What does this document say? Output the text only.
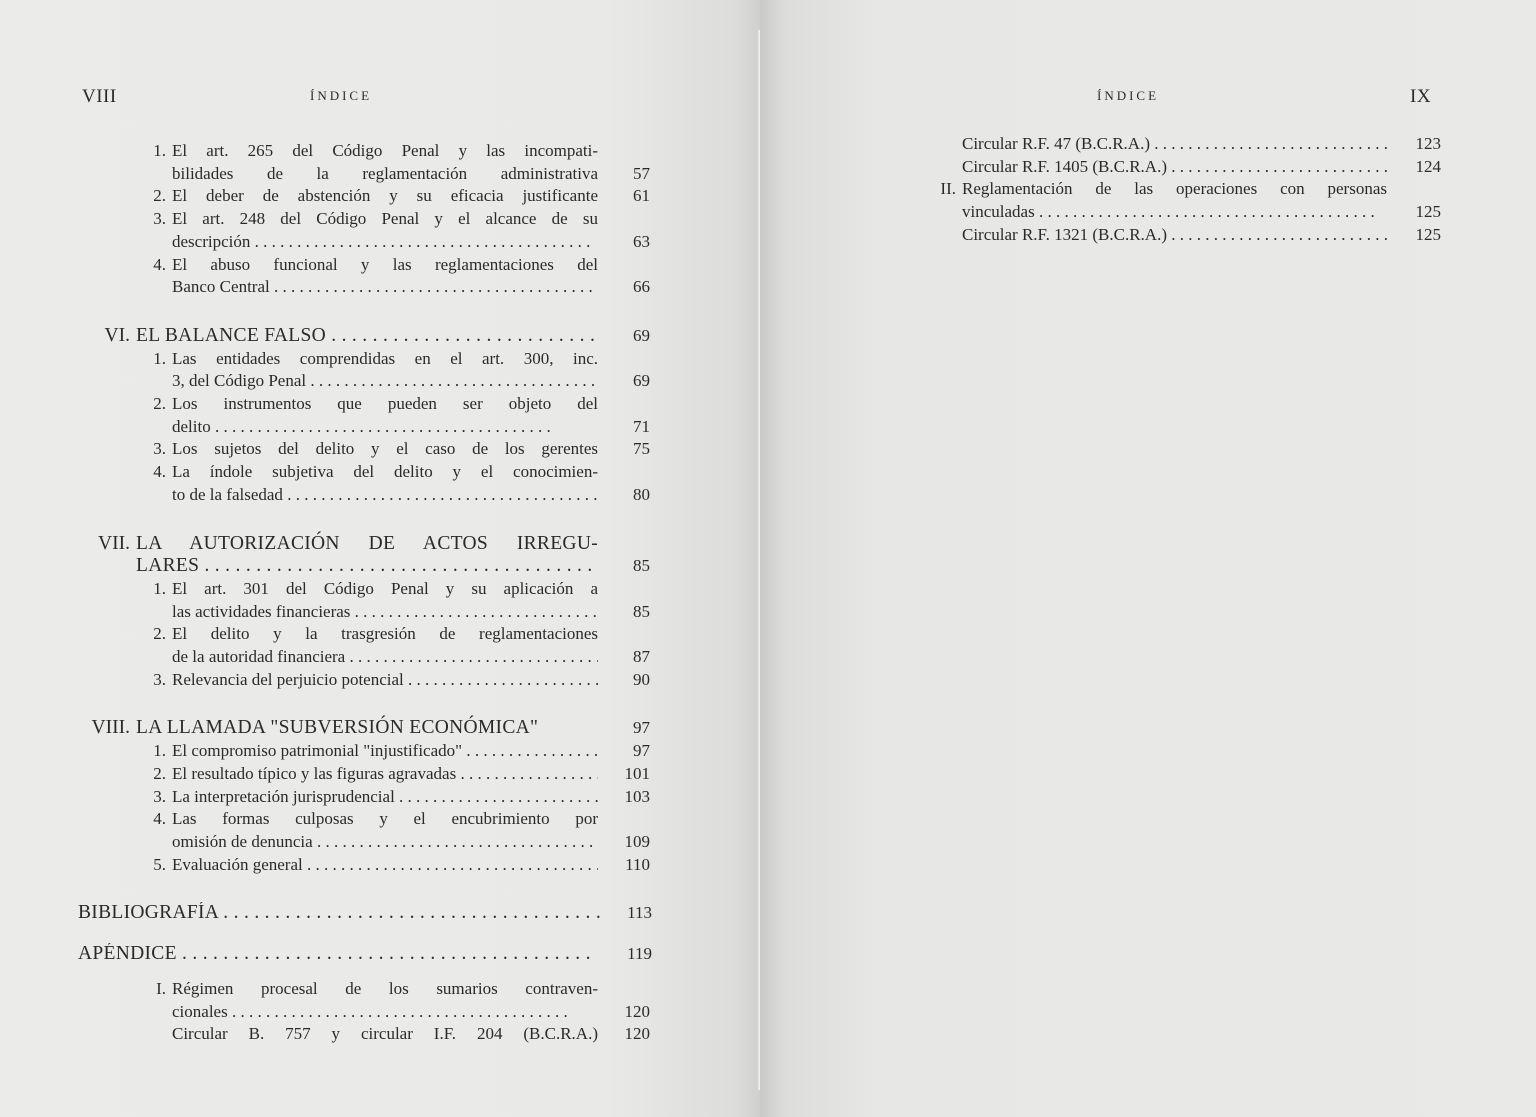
VIII	ÍNDICE
1. El art. 265 del Código Penal y las incompati-
bilidades de la reglamentación administrativa	57
2. El deber de abstención y su eficacia justificante	61
3. El art. 248 del Código Penal y el alcance de su
descripción . . .	63
4. El abuso funcional y las reglamentaciones del
Banco Central . . .	66
VI. EL BALANCE FALSO . . .	69
1. Las entidades comprendidas en el art. 300, inc.
3, del Código Penal . . .	69
2. Los instrumentos que pueden ser objeto del
delito . . .	71
3. Los sujetos del delito y el caso de los gerentes	75
4. La índole subjetiva del delito y el conocimien-
to de la falsedad . . .	80
VII. LA AUTORIZACIÓN DE ACTOS IRREGU-
LARES . . .	85
1. El art. 301 del Código Penal y su aplicación a
las actividades financieras . . .	85
2. El delito y la trasgresión de reglamentaciones
de la autoridad financiera . . .	87
3. Relevancia del perjuicio potencial . . .	90
VIII. LA LLAMADA "SUBVERSIÓN ECONÓMICA"	97
1. El compromiso patrimonial "injustificado" . . .	97
2. El resultado típico y las figuras agravadas . . .	101
3. La interpretación jurisprudencial . . .	103
4. Las formas culposas y el encubrimiento por
omisión de denuncia . . .	109
5. Evaluación general . . .	110
BIBLIOGRAFÍA . . .	113
APÉNDICE . . .	119
I. Régimen procesal de los sumarios contraven-
cionales . . .	120
Circular B. 757 y circular I.F. 204 (B.C.R.A.)	120
ÍNDICE	IX
Circular R.F. 47 (B.C.R.A.) . . .	123
Circular R.F. 1405 (B.C.R.A.) . . .	124
II. Reglamentación de las operaciones con personas
vinculadas . . .	125
Circular R.F. 1321 (B.C.R.A.) . . .	125
